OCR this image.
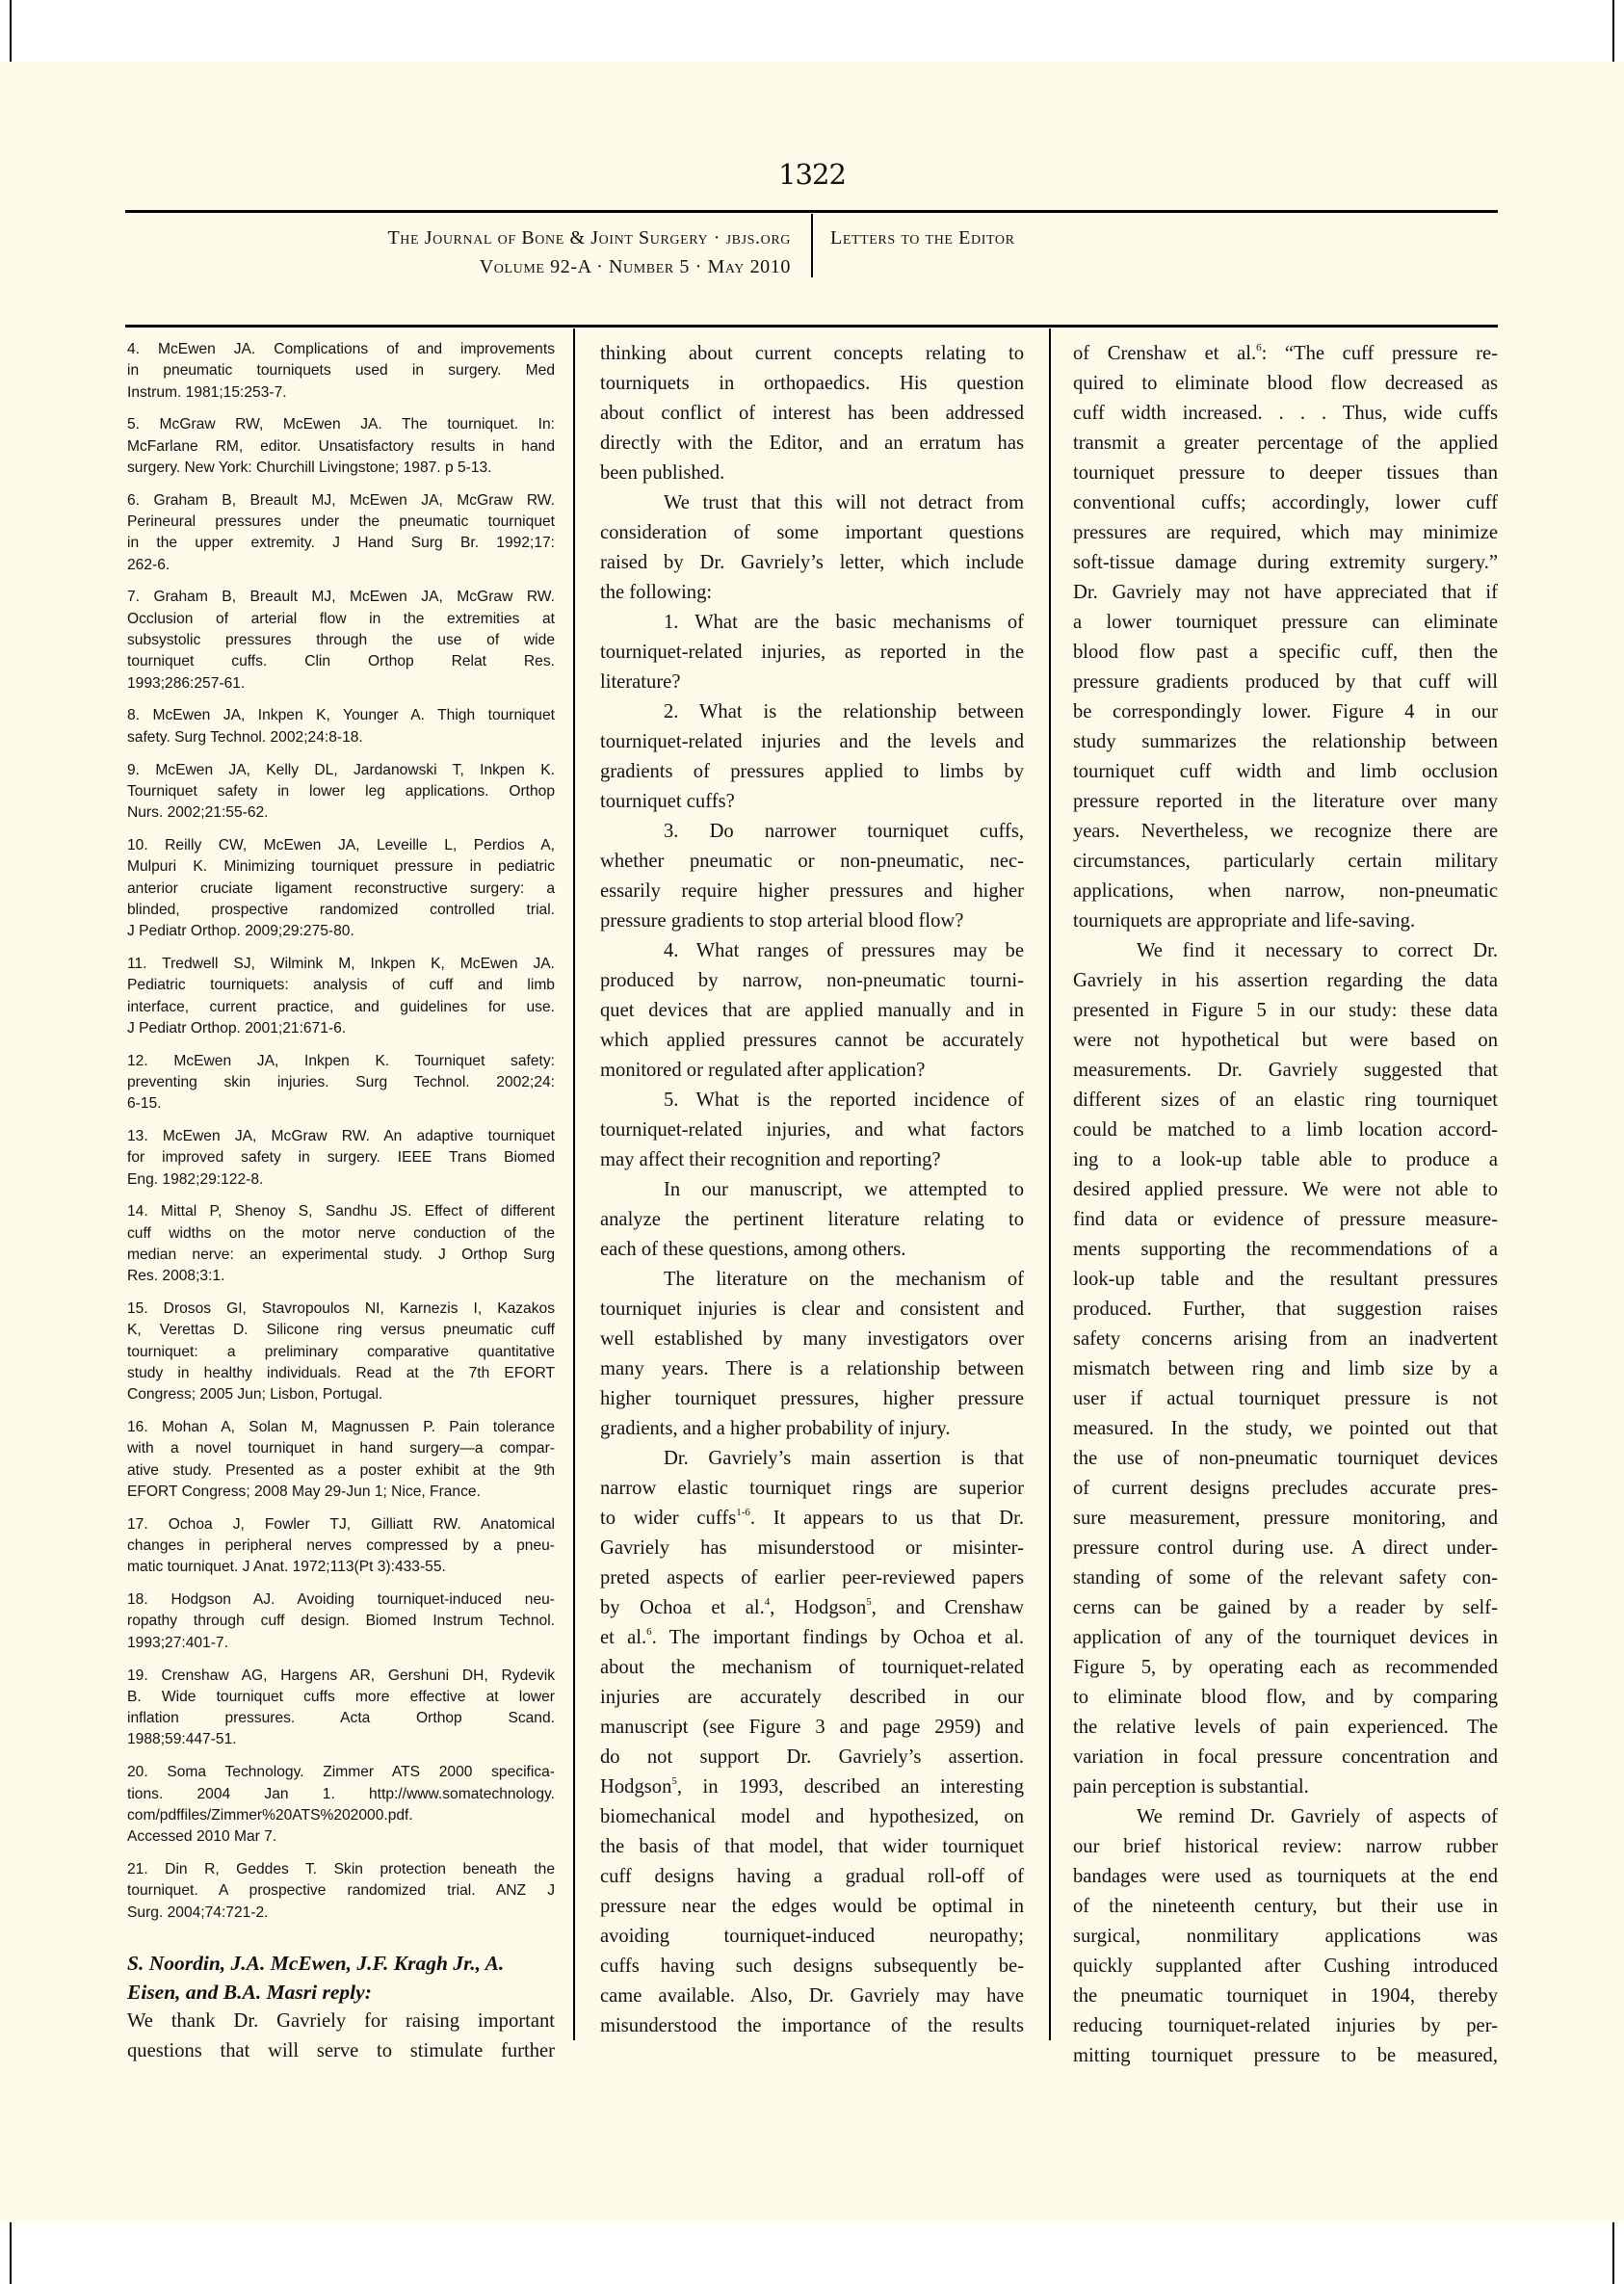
1322
The Journal of Bone & Joint Surgery · jbjs.org
Volume 92-A · Number 5 · May 2010
Letters to the Editor
4. McEwen JA. Complications of and improvements
in pneumatic tourniquets used in surgery. Med
Instrum. 1981;15:253-7.
5. McGraw RW, McEwen JA. The tourniquet. In:
McFarlane RM, editor. Unsatisfactory results in hand
surgery. New York: Churchill Livingstone; 1987. p 5-13.
6. Graham B, Breault MJ, McEwen JA, McGraw RW.
Perineural pressures under the pneumatic tourniquet
in the upper extremity. J Hand Surg Br. 1992;17:
262-6.
7. Graham B, Breault MJ, McEwen JA, McGraw RW.
Occlusion of arterial flow in the extremities at
subsystolic pressures through the use of wide
tourniquet cuffs. Clin Orthop Relat Res.
1993;286:257-61.
8. McEwen JA, Inkpen K, Younger A. Thigh tourniquet
safety. Surg Technol. 2002;24:8-18.
9. McEwen JA, Kelly DL, Jardanowski T, Inkpen K.
Tourniquet safety in lower leg applications. Orthop
Nurs. 2002;21:55-62.
10. Reilly CW, McEwen JA, Leveille L, Perdios A,
Mulpuri K. Minimizing tourniquet pressure in pediatric
anterior cruciate ligament reconstructive surgery: a
blinded, prospective randomized controlled trial.
J Pediatr Orthop. 2009;29:275-80.
11. Tredwell SJ, Wilmink M, Inkpen K, McEwen JA.
Pediatric tourniquets: analysis of cuff and limb
interface, current practice, and guidelines for use.
J Pediatr Orthop. 2001;21:671-6.
12. McEwen JA, Inkpen K. Tourniquet safety:
preventing skin injuries. Surg Technol. 2002;24:
6-15.
13. McEwen JA, McGraw RW. An adaptive tourniquet
for improved safety in surgery. IEEE Trans Biomed
Eng. 1982;29:122-8.
14. Mittal P, Shenoy S, Sandhu JS. Effect of different
cuff widths on the motor nerve conduction of the
median nerve: an experimental study. J Orthop Surg
Res. 2008;3:1.
15. Drosos GI, Stavropoulos NI, Karnezis I, Kazakos
K, Verettas D. Silicone ring versus pneumatic cuff
tourniquet: a preliminary comparative quantitative
study in healthy individuals. Read at the 7th EFORT
Congress; 2005 Jun; Lisbon, Portugal.
16. Mohan A, Solan M, Magnussen P. Pain tolerance
with a novel tourniquet in hand surgery—a compar-
ative study. Presented as a poster exhibit at the 9th
EFORT Congress; 2008 May 29-Jun 1; Nice, France.
17. Ochoa J, Fowler TJ, Gilliatt RW. Anatomical
changes in peripheral nerves compressed by a pneu-
matic tourniquet. J Anat. 1972;113(Pt 3):433-55.
18. Hodgson AJ. Avoiding tourniquet-induced neu-
ropathy through cuff design. Biomed Instrum Technol.
1993;27:401-7.
19. Crenshaw AG, Hargens AR, Gershuni DH, Rydevik
B. Wide tourniquet cuffs more effective at lower
inflation pressures. Acta Orthop Scand.
1988;59:447-51.
20. Soma Technology. Zimmer ATS 2000 specifica-
tions. 2004 Jan 1. http://www.somatechnology.
com/pdffiles/Zimmer%20ATS%202000.pdf.
Accessed 2010 Mar 7.
21. Din R, Geddes T. Skin protection beneath the
tourniquet. A prospective randomized trial. ANZ J
Surg. 2004;74:721-2.
S. Noordin, J.A. McEwen, J.F. Kragh Jr., A.
Eisen, and B.A. Masri reply:
We thank Dr. Gavriely for raising important
questions that will serve to stimulate further
thinking about current concepts relating to
tourniquets in orthopaedics. His question
about conflict of interest has been addressed
directly with the Editor, and an erratum has
been published.
We trust that this will not detract from
consideration of some important questions
raised by Dr. Gavriely’s letter, which include
the following:
1. What are the basic mechanisms of
tourniquet-related injuries, as reported in the
literature?
2. What is the relationship between
tourniquet-related injuries and the levels and
gradients of pressures applied to limbs by
tourniquet cuffs?
3. Do narrower tourniquet cuffs,
whether pneumatic or non-pneumatic, nec-
essarily require higher pressures and higher
pressure gradients to stop arterial blood flow?
4. What ranges of pressures may be
produced by narrow, non-pneumatic tourni-
quet devices that are applied manually and in
which applied pressures cannot be accurately
monitored or regulated after application?
5. What is the reported incidence of
tourniquet-related injuries, and what factors
may affect their recognition and reporting?
In our manuscript, we attempted to
analyze the pertinent literature relating to
each of these questions, among others.
The literature on the mechanism of
tourniquet injuries is clear and consistent and
well established by many investigators over
many years. There is a relationship between
higher tourniquet pressures, higher pressure
gradients, and a higher probability of injury.
Dr. Gavriely’s main assertion is that
narrow elastic tourniquet rings are superior
to wider cuffs$^{1-6}$. It appears to us that Dr.
Gavriely has misunderstood or misinter-
preted aspects of earlier peer-reviewed papers
by Ochoa et al.$^4$, Hodgson$^5$, and Crenshaw
et al.$^6$. The important findings by Ochoa et al.
about the mechanism of tourniquet-related
injuries are accurately described in our
manuscript (see Figure 3 and page 2959) and
do not support Dr. Gavriely’s assertion.
Hodgson$^5$, in 1993, described an interesting
biomechanical model and hypothesized, on
the basis of that model, that wider tourniquet
cuff designs having a gradual roll-off of
pressure near the edges would be optimal in
avoiding tourniquet-induced neuropathy;
cuffs having such designs subsequently be-
came available. Also, Dr. Gavriely may have
misunderstood the importance of the results
of Crenshaw et al.$^6$: “The cuff pressure re-
quired to eliminate blood flow decreased as
cuff width increased. . . . Thus, wide cuffs
transmit a greater percentage of the applied
tourniquet pressure to deeper tissues than
conventional cuffs; accordingly, lower cuff
pressures are required, which may minimize
soft-tissue damage during extremity surgery.”
Dr. Gavriely may not have appreciated that if
a lower tourniquet pressure can eliminate
blood flow past a specific cuff, then the
pressure gradients produced by that cuff will
be correspondingly lower. Figure 4 in our
study summarizes the relationship between
tourniquet cuff width and limb occlusion
pressure reported in the literature over many
years. Nevertheless, we recognize there are
circumstances, particularly certain military
applications, when narrow, non-pneumatic
tourniquets are appropriate and life-saving.
We find it necessary to correct Dr.
Gavriely in his assertion regarding the data
presented in Figure 5 in our study: these data
were not hypothetical but were based on
measurements. Dr. Gavriely suggested that
different sizes of an elastic ring tourniquet
could be matched to a limb location accord-
ing to a look-up table able to produce a
desired applied pressure. We were not able to
find data or evidence of pressure measure-
ments supporting the recommendations of a
look-up table and the resultant pressures
produced. Further, that suggestion raises
safety concerns arising from an inadvertent
mismatch between ring and limb size by a
user if actual tourniquet pressure is not
measured. In the study, we pointed out that
the use of non-pneumatic tourniquet devices
of current designs precludes accurate pres-
sure measurement, pressure monitoring, and
pressure control during use. A direct under-
standing of some of the relevant safety con-
cerns can be gained by a reader by self-
application of any of the tourniquet devices in
Figure 5, by operating each as recommended
to eliminate blood flow, and by comparing
the relative levels of pain experienced. The
variation in focal pressure concentration and
pain perception is substantial.
We remind Dr. Gavriely of aspects of
our brief historical review: narrow rubber
bandages were used as tourniquets at the end
of the nineteenth century, but their use in
surgical, nonmilitary applications was
quickly supplanted after Cushing introduced
the pneumatic tourniquet in 1904, thereby
reducing tourniquet-related injuries by per-
mitting tourniquet pressure to be measured,
